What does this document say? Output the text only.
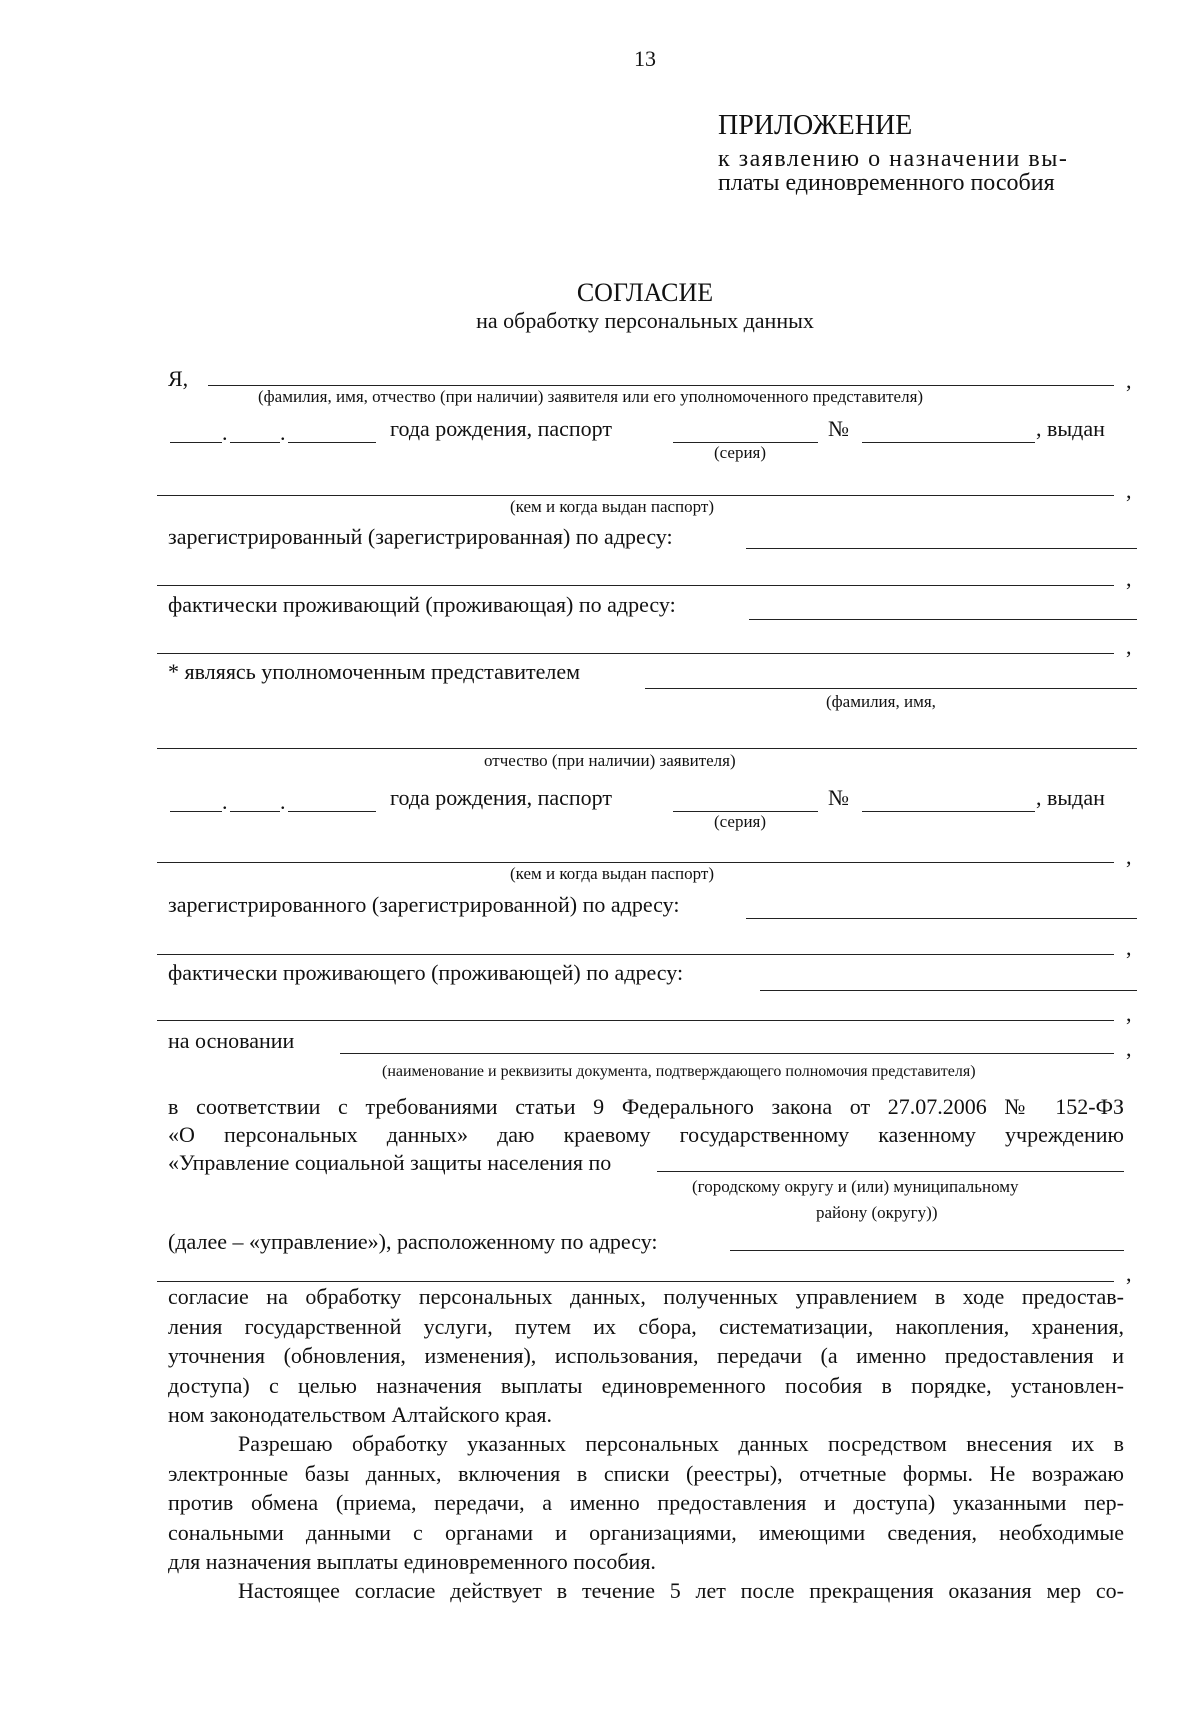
13
ПРИЛОЖЕНИЕ
к заявлению о назначении вы-
платы единовременного пособия
СОГЛАСИЕ
на обработку персональных данных
Я,	,
(фамилия, имя, отчество (при наличии) заявителя или его уполномоченного представителя)
. .	года рождения, паспорт	№	, выдан
(серия)
,
(кем и когда выдан паспорт)
зарегистрированный (зарегистрированная) по адресу:
,
фактически проживающий (проживающая) по адресу:
,
* являясь уполномоченным представителем
(фамилия, имя,
отчество (при наличии) заявителя)
. .	года рождения, паспорт	№	, выдан
(серия)
,
(кем и когда выдан паспорт)
зарегистрированного (зарегистрированной) по адресу:
,
фактически проживающего (проживающей) по адресу:
,
на основании	,
(наименование и реквизиты документа, подтверждающего полномочия представителя)
в соответствии с требованиями статьи 9 Федерального закона от 27.07.2006 № 152-ФЗ
«О персональных данных» даю краевому государственному казенному учреждению
«Управление социальной защиты населения по
(городскому округу и (или) муниципальному
району (округу))
(далее – «управление»), расположенному по адресу:
,
согласие на обработку персональных данных, полученных управлением в ходе предостав-
ления государственной услуги, путем их сбора, систематизации, накопления, хранения,
уточнения (обновления, изменения), использования, передачи (а именно предоставления и
доступа) с целью назначения выплаты единовременного пособия в порядке, установлен-
ном законодательством Алтайского края.
Разрешаю обработку указанных персональных данных посредством внесения их в
электронные базы данных, включения в списки (реестры), отчетные формы. Не возражаю
против обмена (приема, передачи, а именно предоставления и доступа) указанными пер-
сональными данными с органами и организациями, имеющими сведения, необходимые
для назначения выплаты единовременного пособия.
Настоящее согласие действует в течение 5 лет после прекращения оказания мер со-
